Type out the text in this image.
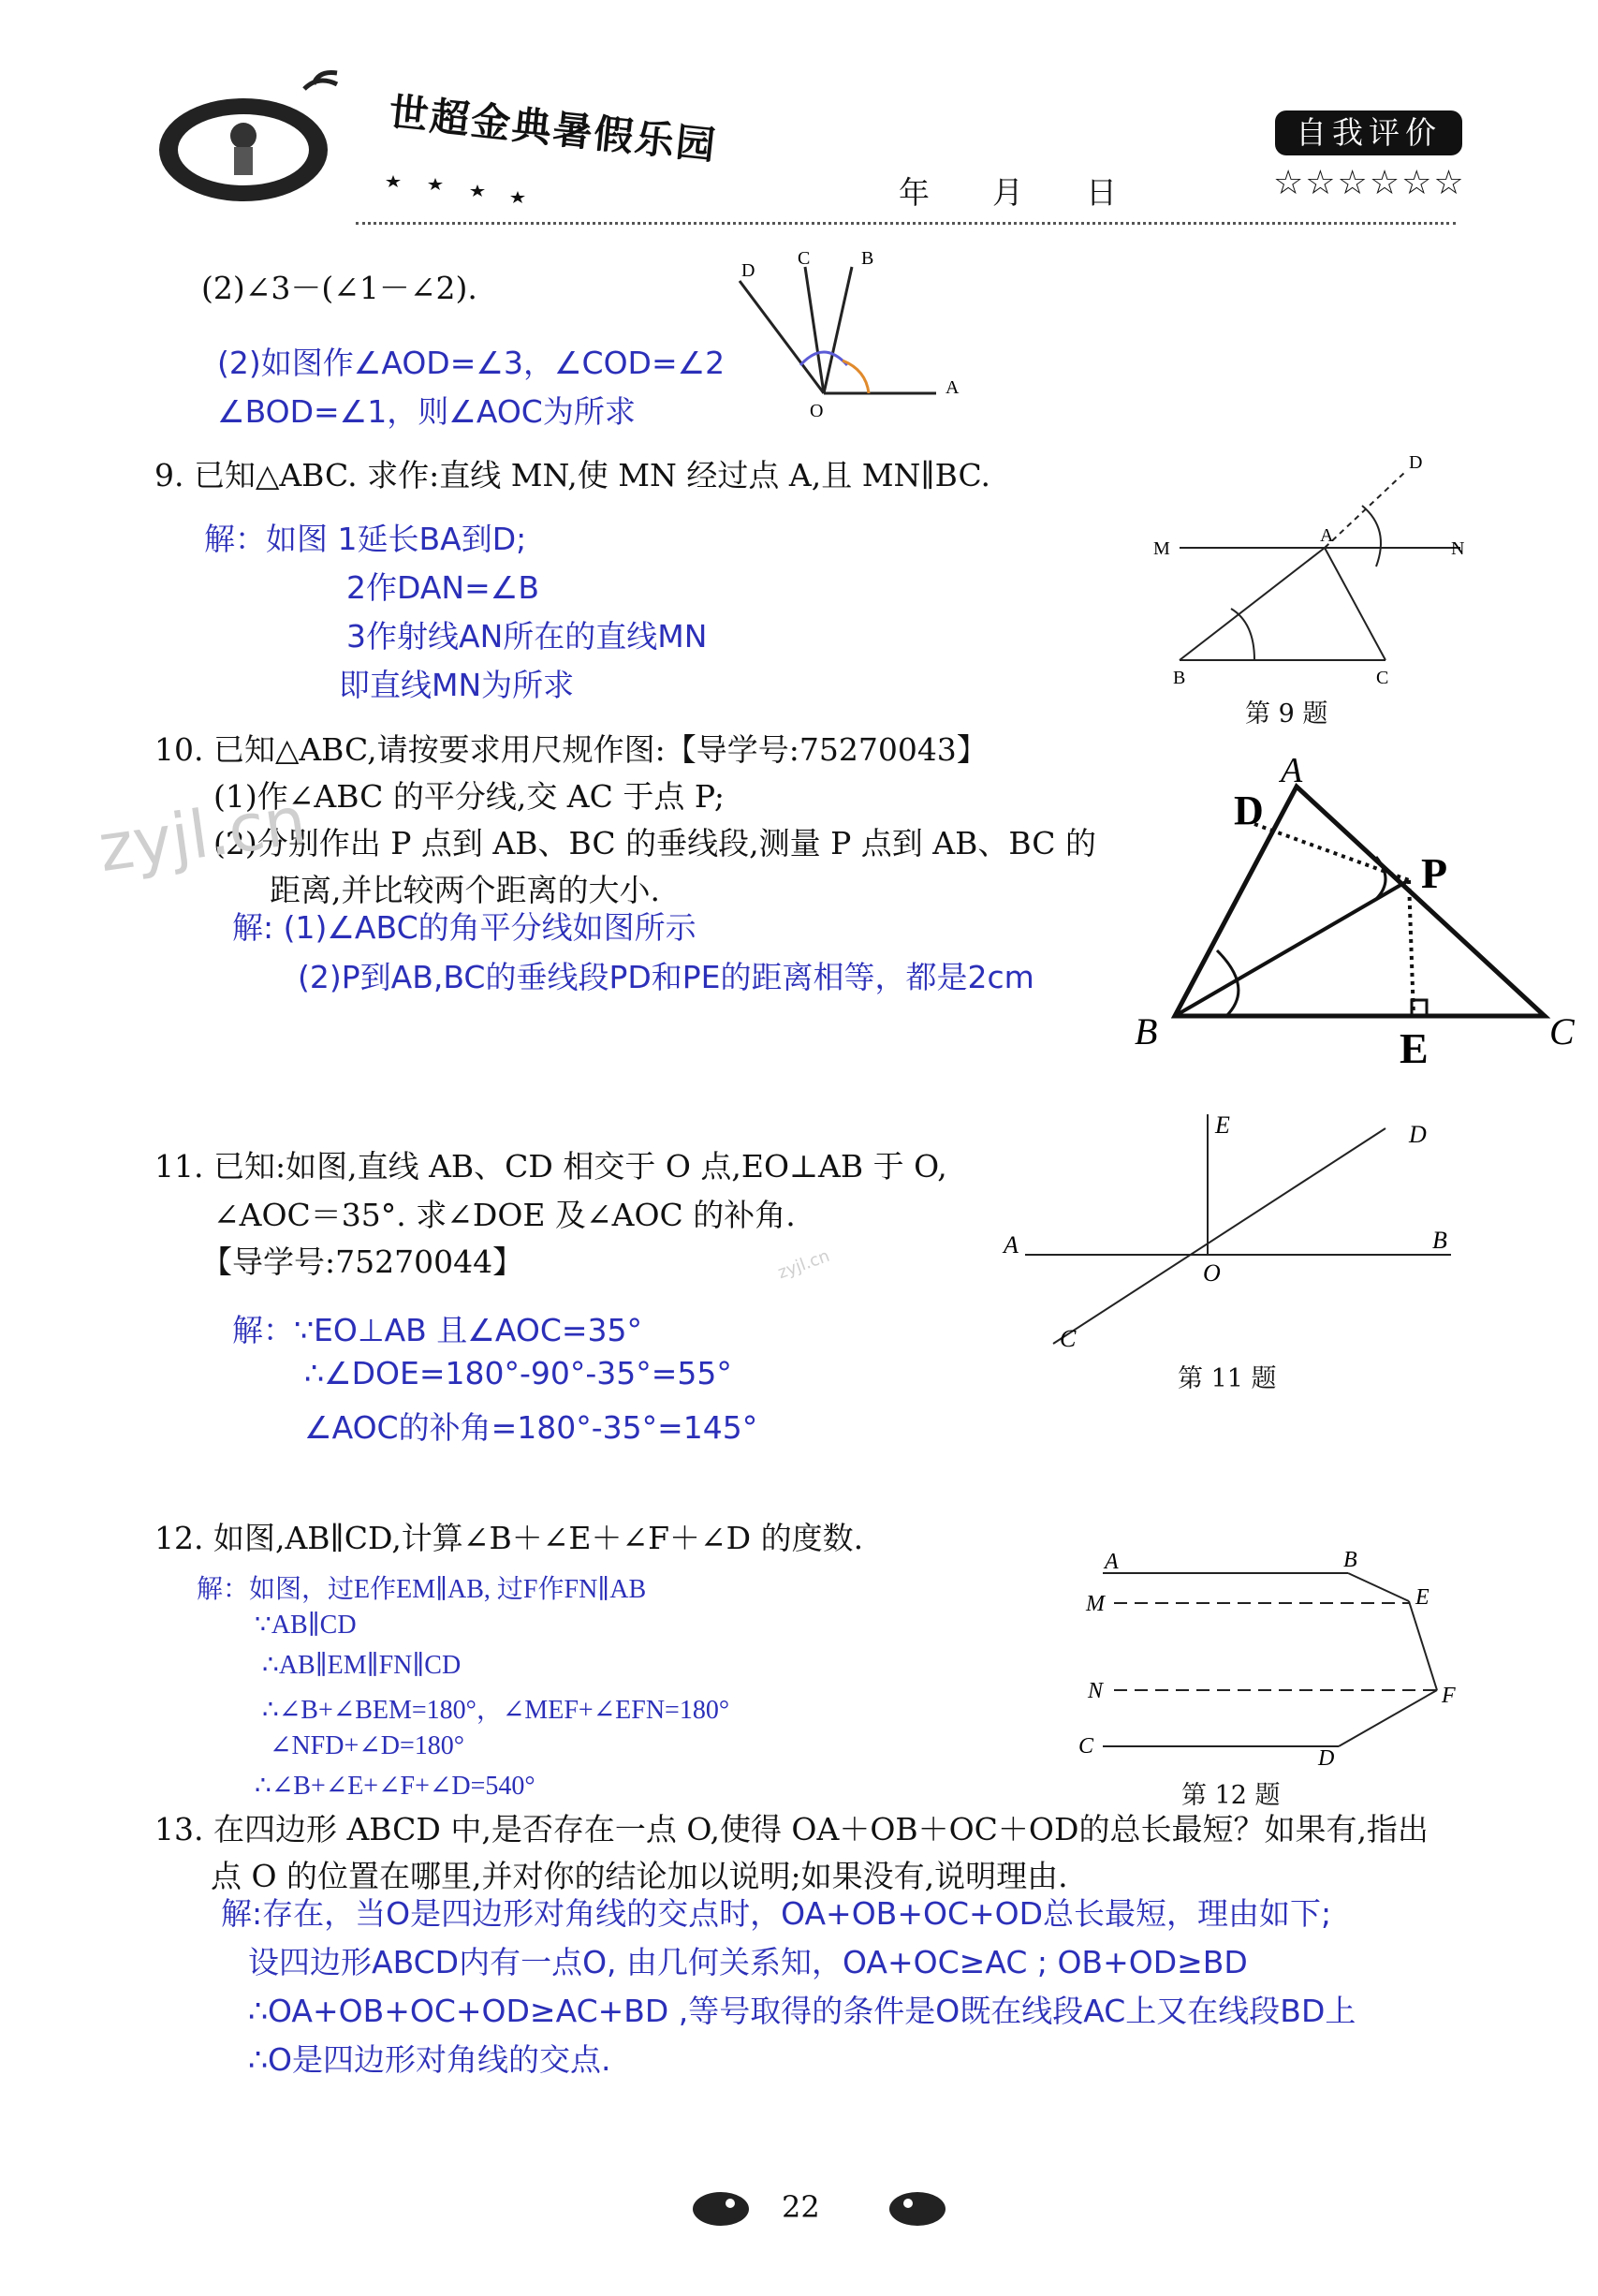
世超金典暑假乐园
年 月 日
自我评价
☆☆☆☆☆☆
(2)∠3－(∠1－∠2).
(2)如图作∠AOD=∠3，∠COD=∠2
∠BOD=∠1，则∠AOC为所求
D
C	B
A
O
9. 已知△ABC. 求作:直线 MN,使 MN 经过点 A,且 MN∥BC.
解：如图 1延长BA到D;
2作DAN=∠B
3作射线AN所在的直线MN
即直线MN为所求
D
M
A
N
B	C
第 9 题
10. 已知△ABC,请按要求用尺规作图:【导学号:75270043】
(1)作∠ABC 的平分线,交 AC 于点 P;
(2)分别作出 P 点到 AB、BC 的垂线段,测量 P 点到 AB、BC 的
距离,并比较两个距离的大小.
解: (1)∠ABC的角平分线如图所示
(2)P到AB,BC的垂线段PD和PE的距离相等，都是2cm
A
D
P
B	E	C
11. 已知:如图,直线 AB、CD 相交于 O 点,EO⊥AB 于 O,
∠AOC＝35°. 求∠DOE 及∠AOC 的补角.
【导学号:75270044】
解：∵EO⊥AB 且∠AOC=35°
∴∠DOE=180°-90°-35°=55°
∠AOC的补角=180°-35°=145°
E	D
A	B
O
C
第 11 题
12. 如图,AB∥CD,计算∠B＋∠E＋∠F＋∠D 的度数.
解：如图，过E作EM∥AB, 过F作FN∥AB
∵AB∥CD
∴AB∥EM∥FN∥CD
∴∠B+∠BEM=180°，∠MEF+∠EFN=180°
∠NFD+∠D=180°
∴∠B+∠E+∠F+∠D=540°
A	B
M	E
N	F
C	D
第 12 题
13. 在四边形 ABCD 中,是否存在一点 O,使得 OA＋OB＋OC＋OD的总长最短？如果有,指出
点 O 的位置在哪里,并对你的结论加以说明;如果没有,说明理由.
解:存在，当O是四边形对角线的交点时，OA+OB+OC+OD总长最短，理由如下;
设四边形ABCD内有一点O, 由几何关系知，OA+OC≥AC ; OB+OD≥BD
∴OA+OB+OC+OD≥AC+BD ,等号取得的条件是O既在线段AC上又在线段BD上
∴O是四边形对角线的交点.
zyjl.cn
zyjl.cn
22
